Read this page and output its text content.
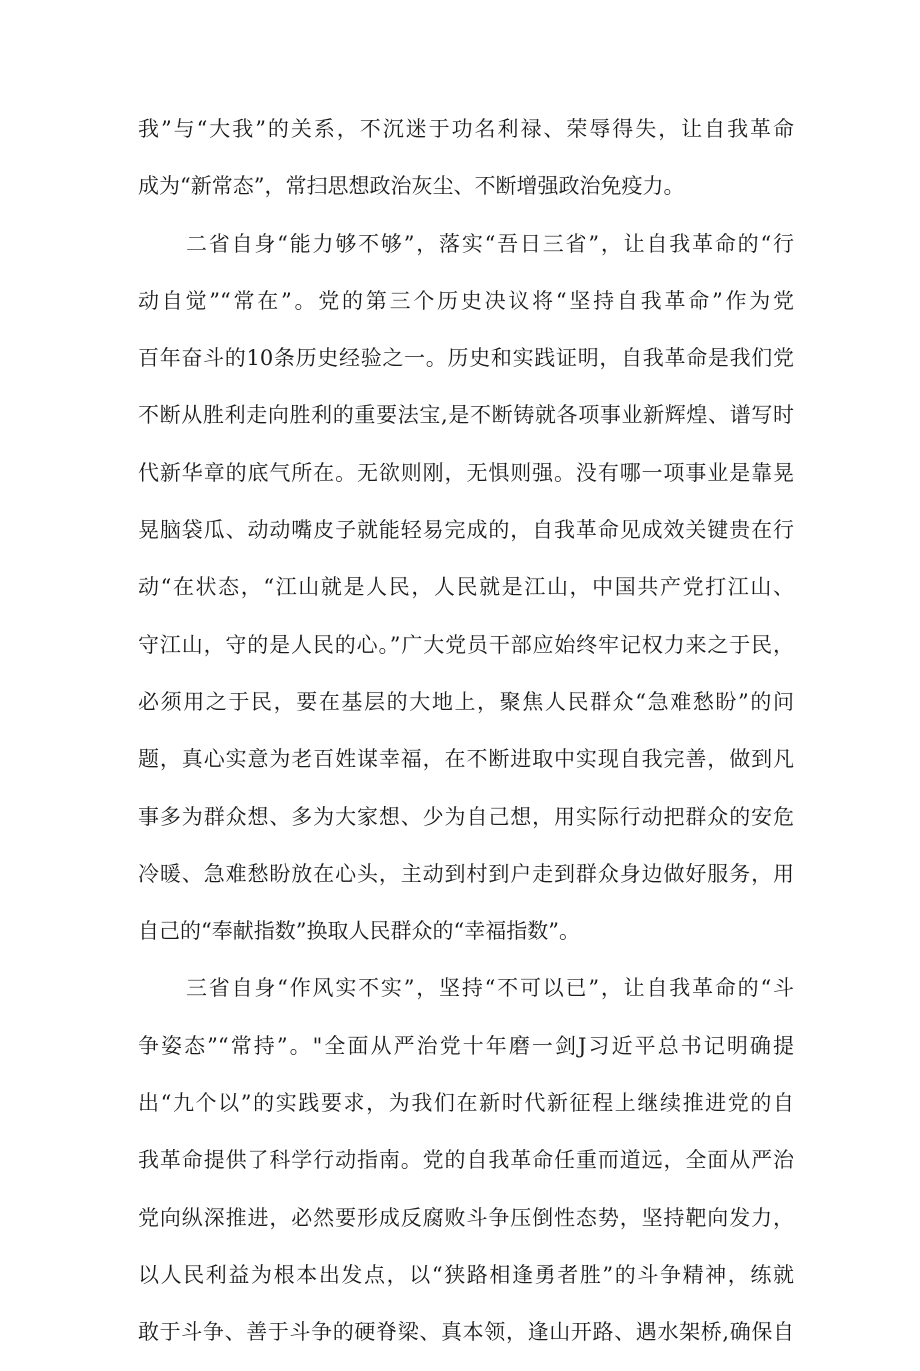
我”与“大我”的关系，不沉迷于功名利禄、荣辱得失，让自我革命
成为“新常态”，常扫思想政治灰尘、不断增强政治免疫力。
二省自身“能力够不够”，落实“吾日三省”，让自我革命的“行
动自觉”“常在”。党的第三个历史决议将“坚持自我革命”作为党
百年奋斗的10条历史经验之一。历史和实践证明，自我革命是我们党
不断从胜利走向胜利的重要法宝,是不断铸就各项事业新辉煌、谱写时
代新华章的底气所在。无欲则刚，无惧则强。没有哪一项事业是靠晃
晃脑袋瓜、动动嘴皮子就能轻易完成的，自我革命见成效关键贵在行
动“在状态，“江山就是人民，人民就是江山，中国共产党打江山、
守江山，守的是人民的心。”广大党员干部应始终牢记权力来之于民，
必须用之于民，要在基层的大地上，聚焦人民群众“急难愁盼”的问
题，真心实意为老百姓谋幸福，在不断进取中实现自我完善，做到凡
事多为群众想、多为大家想、少为自己想，用实际行动把群众的安危
冷暖、急难愁盼放在心头，主动到村到户走到群众身边做好服务，用
自己的“奉献指数”换取人民群众的“幸福指数”。
三省自身“作风实不实”，坚持“不可以已”，让自我革命的“斗
争姿态”“常持”。"全面从严治党十年磨一剑J习近平总书记明确提
出“九个以”的实践要求，为我们在新时代新征程上继续推进党的自
我革命提供了科学行动指南。党的自我革命任重而道远，全面从严治
党向纵深推进，必然要形成反腐败斗争压倒性态势，坚持靶向发力，
以人民利益为根本出发点，以“狭路相逢勇者胜”的斗争精神，练就
敢于斗争、善于斗争的硬脊梁、真本领，逢山开路、遇水架桥,确保自
